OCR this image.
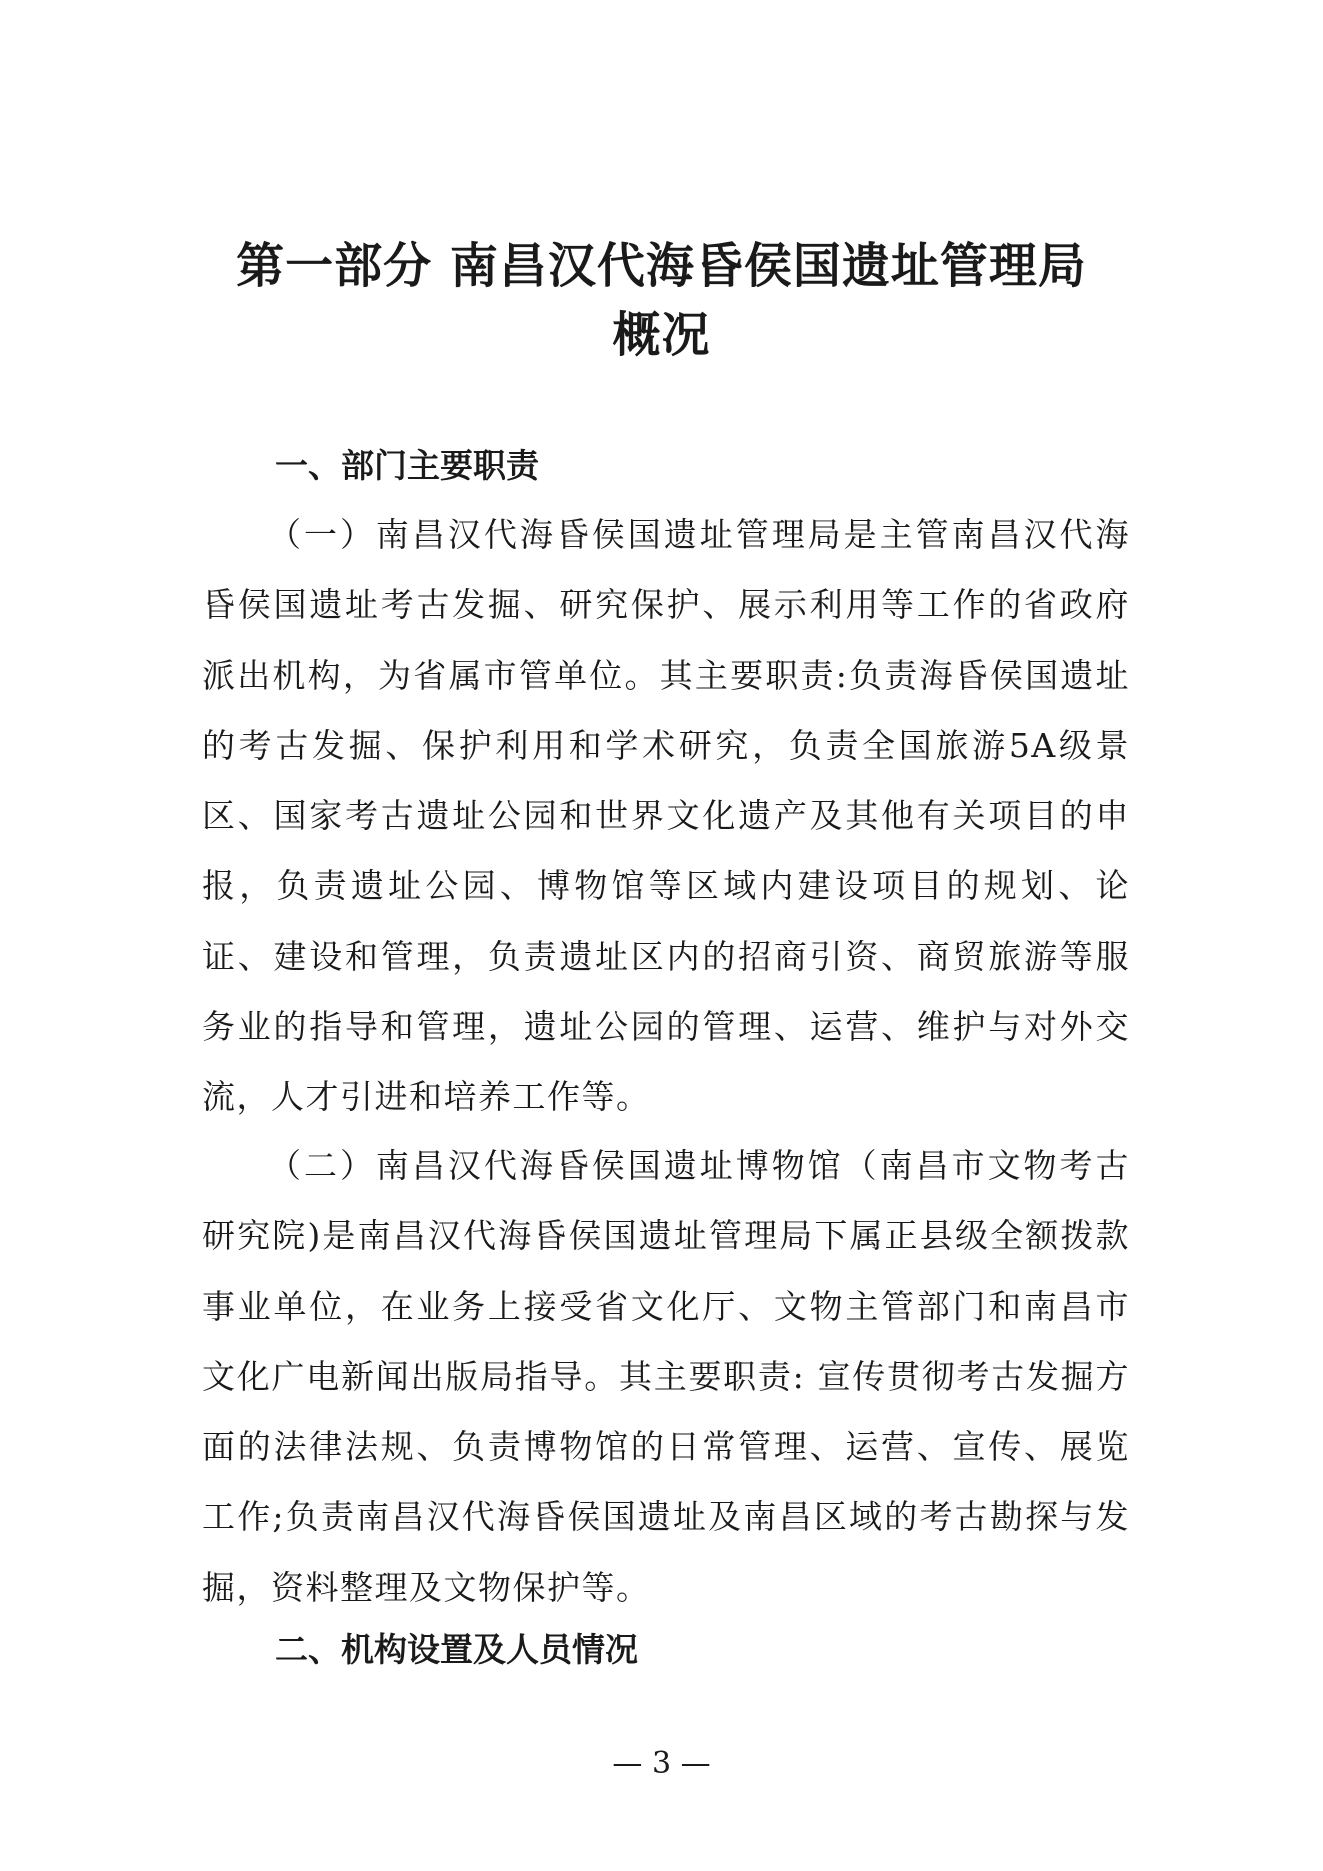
第一部分 南昌汉代海昏侯国遗址管理局
概况
一、部门主要职责

（一）南昌汉代海昏侯国遗址管理局是主管南昌汉代海昏侯国遗址考古发掘、研究保护、展示利用等工作的省政府派出机构，为省属市管单位。其主要职责:负责海昏侯国遗址的考古发掘、保护利用和学术研究，负责全国旅游5A级景区、国家考古遗址公园和世界文化遗产及其他有关项目的申报，负责遗址公园、博物馆等区域内建设项目的规划、论证、建设和管理，负责遗址区内的招商引资、商贸旅游等服务业的指导和管理，遗址公园的管理、运营、维护与对外交流，人才引进和培养工作等。

（二）南昌汉代海昏侯国遗址博物馆（南昌市文物考古研究院)是南昌汉代海昏侯国遗址管理局下属正县级全额拨款事业单位，在业务上接受省文化厅、文物主管部门和南昌市文化广电新闻出版局指导。其主要职责: 宣传贯彻考古发掘方面的法律法规、负责博物馆的日常管理、运营、宣传、展览工作;负责南昌汉代海昏侯国遗址及南昌区域的考古勘探与发掘，资料整理及文物保护等。

二、机构设置及人员情况
— 3 —
